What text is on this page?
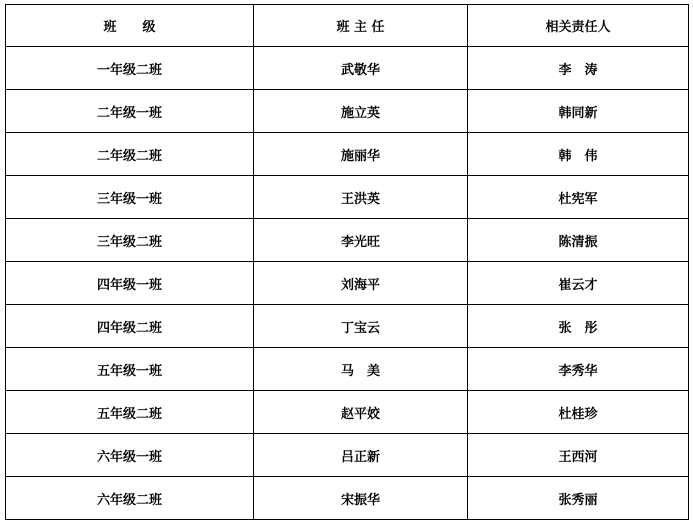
班　　级	班 主 任	相关责任人
一年级二班	武敬华	李　涛
二年级一班	施立英	韩同新
二年级二班	施丽华	韩　伟
三年级一班	王洪英	杜宪军
三年级二班	李光旺	陈清振
四年级一班	刘海平	崔云才
四年级二班	丁宝云	张　彤
五年级一班	马　美	李秀华
五年级二班	赵平姣	杜桂珍
六年级一班	吕正新	王西河
六年级二班	宋振华	张秀丽
